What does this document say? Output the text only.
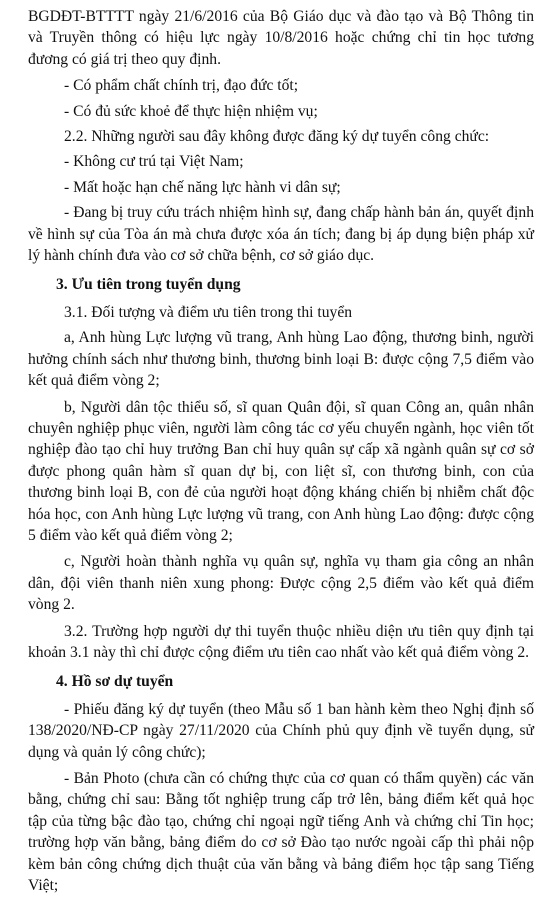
BGDĐT-BTTTT ngày 21/6/2016 của Bộ Giáo dục và đào tạo và Bộ Thông tin và Truyền thông có hiệu lực ngày 10/8/2016 hoặc chứng chỉ tin học tương đương có giá trị theo quy định.

- Có phẩm chất chính trị, đạo đức tốt;

- Có đủ sức khoẻ để thực hiện nhiệm vụ;

2.2. Những người sau đây không được đăng ký dự tuyển công chức:

- Không cư trú tại Việt Nam;

- Mất hoặc hạn chế năng lực hành vi dân sự;

- Đang bị truy cứu trách nhiệm hình sự, đang chấp hành bản án, quyết định về hình sự của Tòa án mà chưa được xóa án tích; đang bị áp dụng biện pháp xử lý hành chính đưa vào cơ sở chữa bệnh, cơ sở giáo dục.

3. Ưu tiên trong tuyển dụng

3.1. Đối tượng và điểm ưu tiên trong thi tuyển

a, Anh hùng Lực lượng vũ trang, Anh hùng Lao động, thương binh, người hưởng chính sách như thương binh, thương binh loại B: được cộng 7,5 điểm vào kết quả điểm vòng 2;

b, Người dân tộc thiểu số, sĩ quan Quân đội, sĩ quan Công an, quân nhân chuyên nghiệp phục viên, người làm công tác cơ yếu chuyển ngành, học viên tốt nghiệp đào tạo chỉ huy trưởng Ban chỉ huy quân sự cấp xã ngành quân sự cơ sở được phong quân hàm sĩ quan dự bị, con liệt sĩ, con thương binh, con của thương binh loại B, con đẻ của người hoạt động kháng chiến bị nhiễm chất độc hóa học, con Anh hùng Lực lượng vũ trang, con Anh hùng Lao động: được cộng 5 điểm vào kết quả điểm vòng 2;

c, Người hoàn thành nghĩa vụ quân sự, nghĩa vụ tham gia công an nhân dân, đội viên thanh niên xung phong: Được cộng 2,5 điểm vào kết quả điểm vòng 2.

3.2. Trường hợp người dự thi tuyển thuộc nhiều diện ưu tiên quy định tại khoản 3.1 này thì chỉ được cộng điểm ưu tiên cao nhất vào kết quả điểm vòng 2.

4. Hồ sơ dự tuyển

- Phiếu đăng ký dự tuyển (theo Mẫu số 1 ban hành kèm theo Nghị định số 138/2020/NĐ-CP ngày 27/11/2020 của Chính phủ quy định về tuyển dụng, sử dụng và quản lý công chức);

- Bản Photo (chưa cần có chứng thực của cơ quan có thẩm quyền) các văn bằng, chứng chỉ sau: Bằng tốt nghiệp trung cấp trở lên, bảng điểm kết quả học tập của từng bậc đào tạo, chứng chỉ ngoại ngữ tiếng Anh và chứng chỉ Tin học; trường hợp văn bằng, bảng điểm do cơ sở Đào tạo nước ngoài cấp thì phải nộp kèm bản công chứng dịch thuật của văn bằng và bảng điểm học tập sang Tiếng Việt;
